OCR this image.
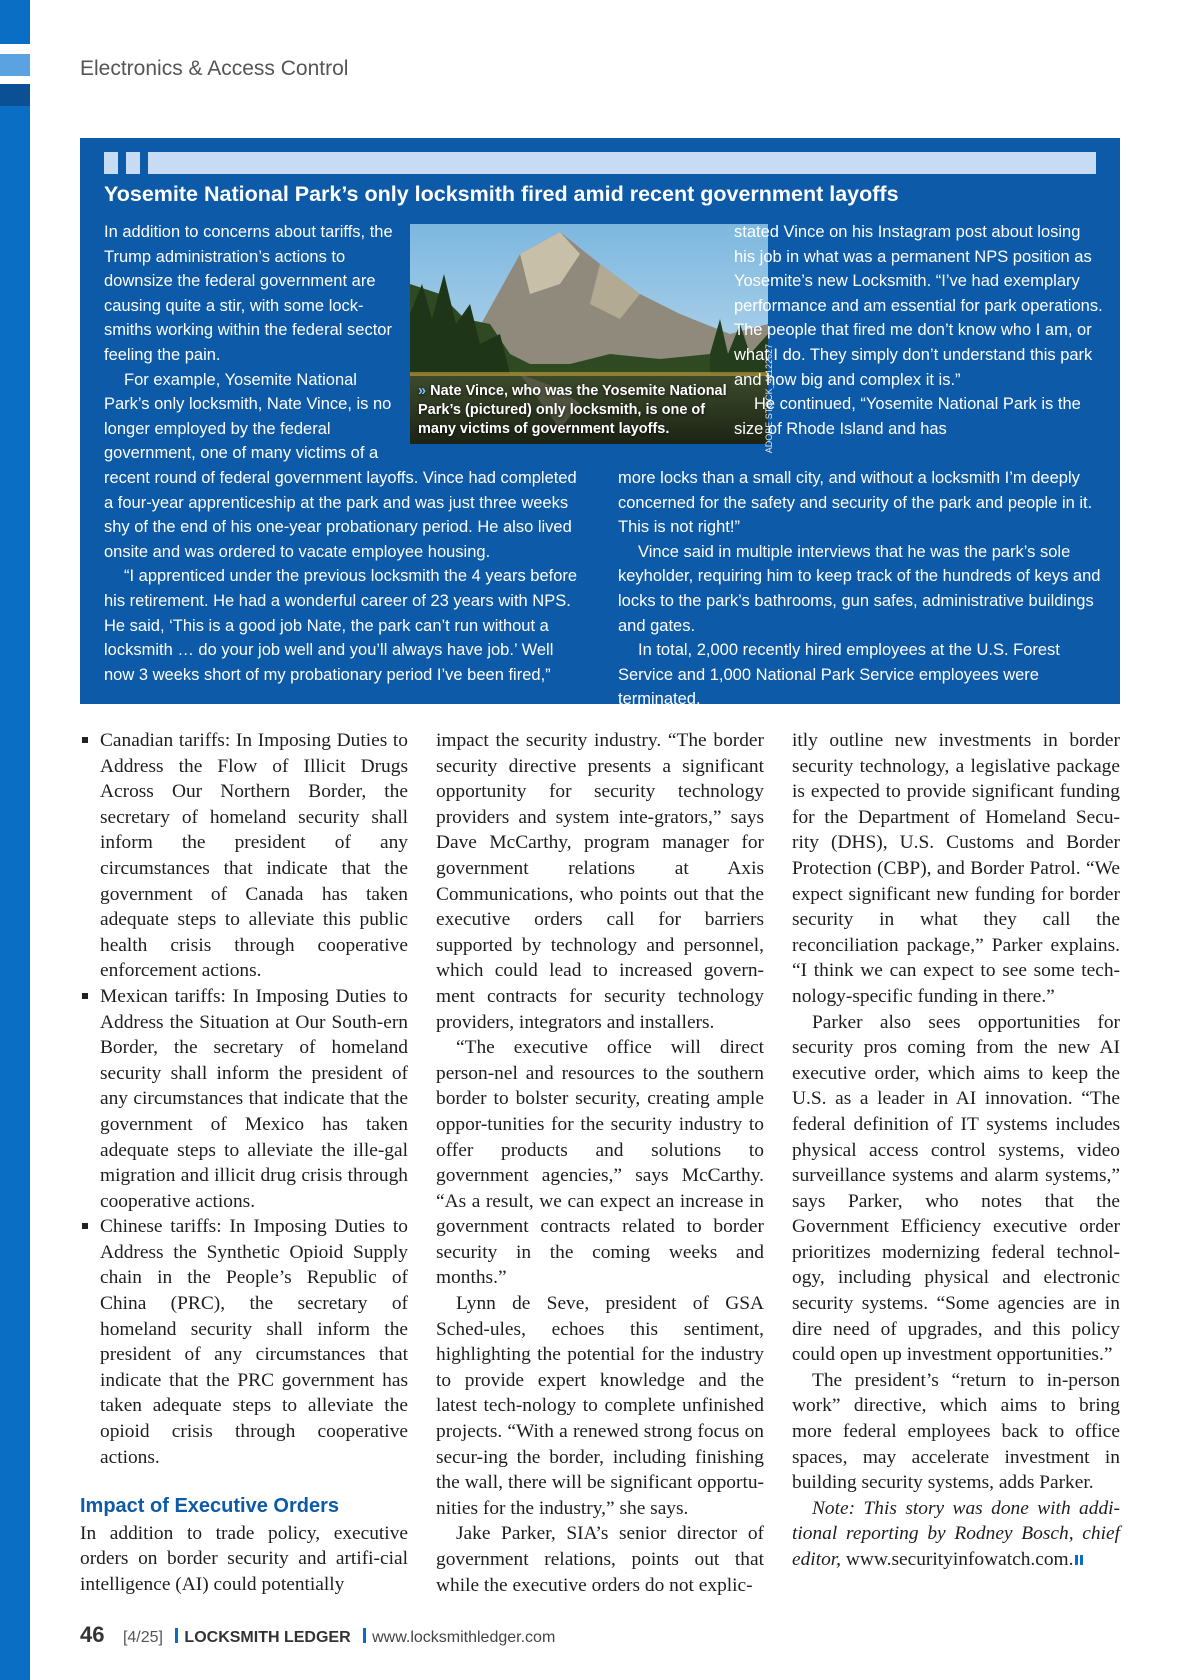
Electronics & Access Control
Yosemite National Park’s only locksmith fired amid recent government layoffs

In addition to concerns about tariffs, the Trump administration’s actions to downsize the federal government are causing quite a stir, with some lock-smiths working within the federal sector feeling the pain.

For example, Yosemite National Park’s only locksmith, Nate Vince, is no longer employed by the federal government, one of many victims of a

» Nate Vince, who was the Yosemite National Park’s (pictured) only locksmith, is one of many victims of government layoffs.	ADOBE STOCK_41122627

stated Vince on his Instagram post about losing his job in what was a permanent NPS position as Yosemite’s new Locksmith. “I’ve had exemplary performance and am essential for park operations. The people that fired me don’t know who I am, or what I do. They simply don’t understand this park and how big and complex it is.”

He continued, “Yosemite National Park is the size of Rhode Island and has

recent round of federal government layoffs. Vince had completed a four-year apprenticeship at the park and was just three weeks shy of the end of his one-year probationary period. He also lived onsite and was ordered to vacate employee housing.

“I apprenticed under the previous locksmith the 4 years before his retirement. He had a wonderful career of 23 years with NPS. He said, ‘This is a good job Nate, the park can’t run without a locksmith … do your job well and you’ll always have job.’ Well now 3 weeks short of my probationary period I’ve been fired,”

more locks than a small city, and without a locksmith I’m deeply concerned for the safety and security of the park and people in it. This is not right!”

Vince said in multiple interviews that he was the park’s sole keyholder, requiring him to keep track of the hundreds of keys and locks to the park’s bathrooms, gun safes, administrative buildings and gates.

In total, 2,000 recently hired employees at the U.S. Forest Service and 1,000 National Park Service employees were terminated.

Canadian tariffs: In Imposing Duties to Address the Flow of Illicit Drugs Across Our Northern Border, the secretary of homeland security shall inform the president of any circumstances that indicate that the government of Canada has taken adequate steps to alleviate this public health crisis through cooperative enforcement actions.
Mexican tariffs: In Imposing Duties to Address the Situation at Our South-ern Border, the secretary of homeland security shall inform the president of any circumstances that indicate that the government of Mexico has taken adequate steps to alleviate the ille-gal migration and illicit drug crisis through cooperative actions.
Chinese tariffs: In Imposing Duties to Address the Synthetic Opioid Supply chain in the People’s Republic of China (PRC), the secretary of homeland security shall inform the president of any circumstances that indicate that the PRC government has taken adequate steps to alleviate the opioid crisis through cooperative actions.
Impact of Executive Orders

In addition to trade policy, executive orders on border security and artifi-cial intelligence (AI) could potentially

impact the security industry. “The border security directive presents a significant opportunity for security technology providers and system inte-grators,” says Dave McCarthy, program manager for government relations at Axis Communications, who points out that the executive orders call for barriers supported by technology and personnel, which could lead to increased govern-ment contracts for security technology providers, integrators and installers.

“The executive office will direct person-nel and resources to the southern border to bolster security, creating ample oppor-tunities for the security industry to offer products and solutions to government agencies,” says McCarthy. “As a result, we can expect an increase in government contracts related to border security in the coming weeks and months.”

Lynn de Seve, president of GSA Sched-ules, echoes this sentiment, highlighting the potential for the industry to provide expert knowledge and the latest tech-nology to complete unfinished projects. “With a renewed strong focus on secur-ing the border, including finishing the wall, there will be significant opportu-nities for the industry,” she says.

Jake Parker, SIA’s senior director of government relations, points out that while the executive orders do not explic-

itly outline new investments in border security technology, a legislative package is expected to provide significant funding for the Department of Homeland Secu-rity (DHS), U.S. Customs and Border Protection (CBP), and Border Patrol. “We expect significant new funding for border security in what they call the reconciliation package,” Parker explains. “I think we can expect to see some tech-nology-specific funding in there.”

Parker also sees opportunities for security pros coming from the new AI executive order, which aims to keep the U.S. as a leader in AI innovation. “The federal definition of IT systems includes physical access control systems, video surveillance systems and alarm systems,” says Parker, who notes that the Government Efficiency executive order prioritizes modernizing federal technol-ogy, including physical and electronic security systems. “Some agencies are in dire need of upgrades, and this policy could open up investment opportunities.”

The president’s “return to in-person work” directive, which aims to bring more federal employees back to office spaces, may accelerate investment in building security systems, adds Parker.

Note: This story was done with addi-tional reporting by Rodney Bosch, chief editor, www.securityinfowatch.com.

46 [4/25] LOCKSMITH LEDGER www.locksmithledger.com
